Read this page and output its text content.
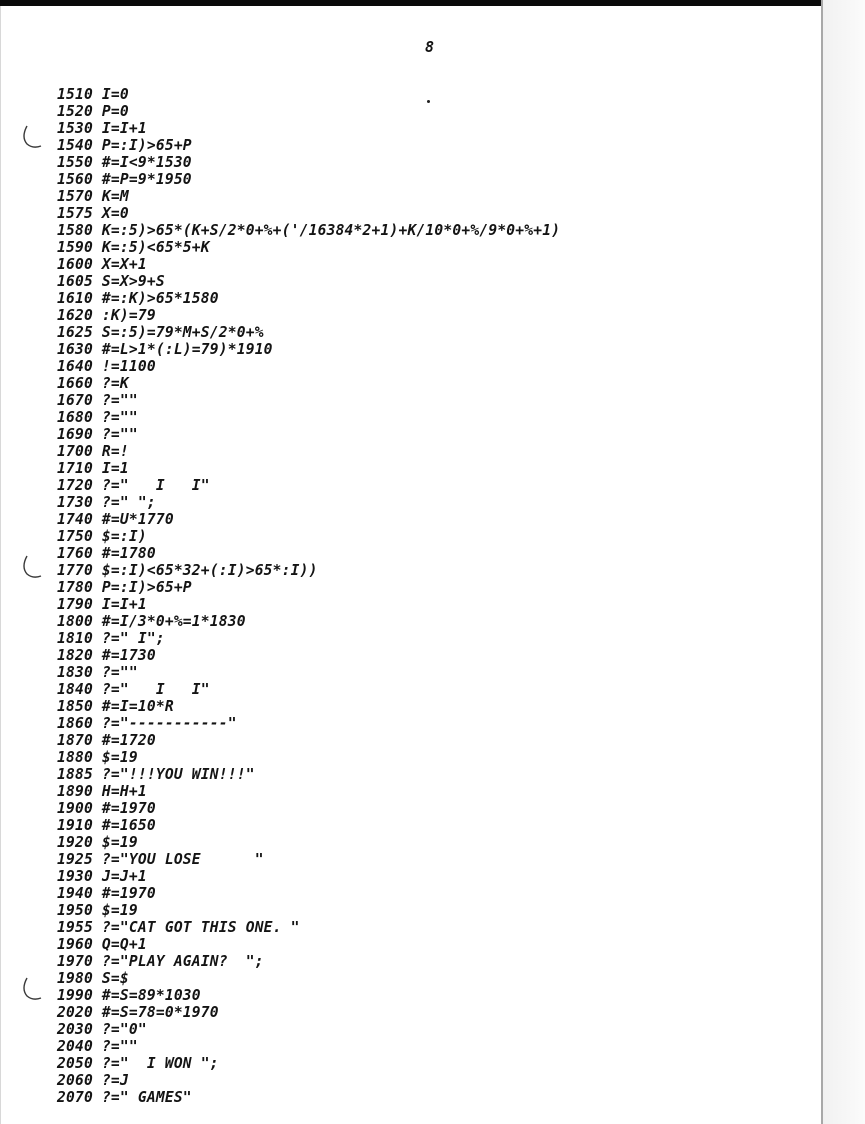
8
1510 I=0
1520 P=0
1530 I=I+1
1540 P=:I)>65+P
1550 #=I<9*1530
1560 #=P=9*1950
1570 K=M
1575 X=0
1580 K=:5)>65*(K+S/2*0+%+('/16384*2+1)+K/10*0+%/9*0+%+1)
1590 K=:5)<65*5+K
1600 X=X+1
1605 S=X>9+S
1610 #=:K)>65*1580
1620 :K)=79
1625 S=:5)=79*M+S/2*0+%
1630 #=L>1*(:L)=79)*1910
1640 !=1100
1660 ?=K
1670 ?=""
1680 ?=""
1690 ?=""
1700 R=!
1710 I=1
1720 ?="   I   I"
1730 ?=" ";
1740 #=U*1770
1750 $=:I)
1760 #=1780
1770 $=:I)<65*32+(:I)>65*:I))
1780 P=:I)>65+P
1790 I=I+1
1800 #=I/3*0+%=1*1830
1810 ?=" I";
1820 #=1730
1830 ?=""
1840 ?="   I   I"
1850 #=I=10*R
1860 ?="-----------"
1870 #=1720
1880 $=19
1885 ?="!!!YOU WIN!!!"
1890 H=H+1
1900 #=1970
1910 #=1650
1920 $=19
1925 ?="YOU LOSE      "
1930 J=J+1
1940 #=1970
1950 $=19
1955 ?="CAT GOT THIS ONE. "
1960 Q=Q+1
1970 ?="PLAY AGAIN?  ";
1980 S=$
1990 #=S=89*1030
2020 #=S=78=0*1970
2030 ?="0"
2040 ?=""
2050 ?="  I WON ";
2060 ?=J
2070 ?=" GAMES"
